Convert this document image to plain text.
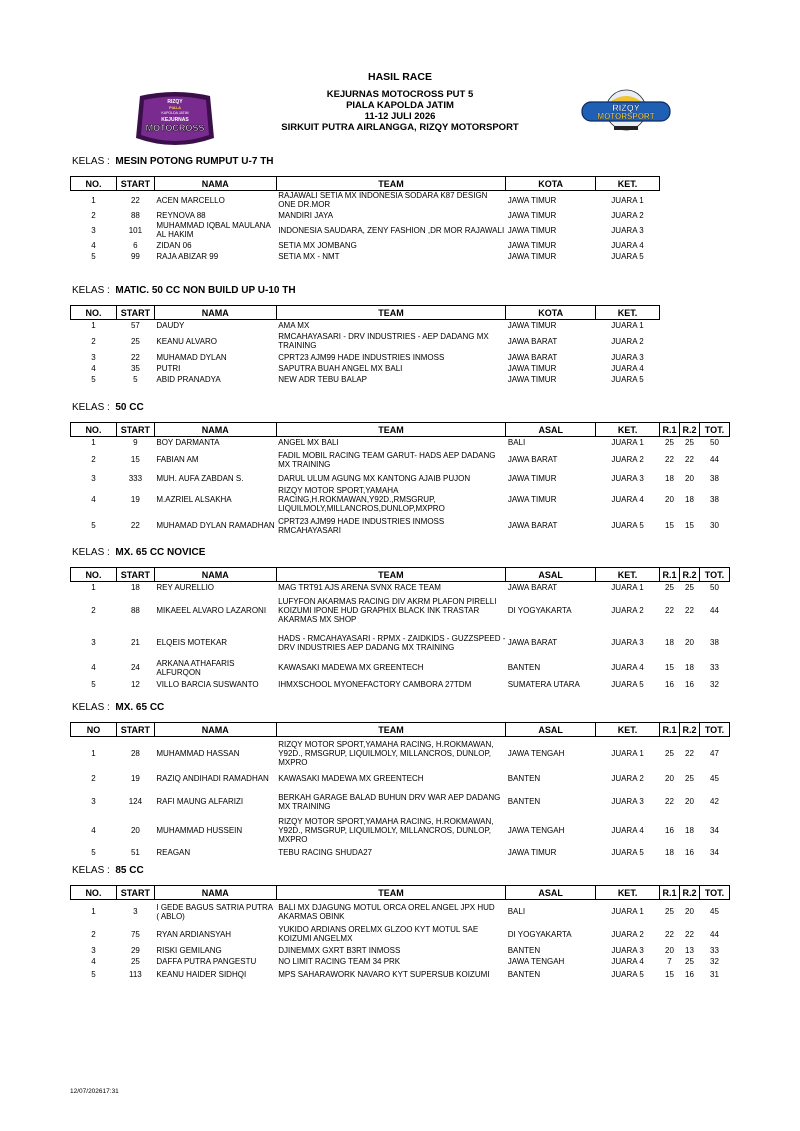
HASIL RACE
KEJURNAS MOTOCROSS PUT 5
PIALA KAPOLDA JATIM
11-12 JULI 2026
SIRKUIT PUTRA AIRLANGGA, RIZQY MOTORSPORT
RIZQY
PIALA
KAPOLDA JATIM
KEJURNAS
MOTOCROSS
RIZQY
MOTORSPORT
KELAS : MESIN POTONG RUMPUT U-7 TH
NO.	START	NAMA	TEAM	KOTA	KET.
1	22	ACEN MARCELLO	RAJAWALI SETIA MX INDONESIA SODARA K87 DESIGN ONE DR.MOR	JAWA TIMUR	JUARA 1
2	88	REYNOVA 88	MANDIRI JAYA	JAWA TIMUR	JUARA 2
3	101	MUHAMMAD IQBAL MAULANA AL HAKIM	INDONESIA SAUDARA, ZENY FASHION ,DR MOR RAJAWALI	JAWA TIMUR	JUARA 3
4	6	ZIDAN 06	SETIA MX JOMBANG	JAWA TIMUR	JUARA 4
5	99	RAJA ABIZAR 99	SETIA MX - NMT	JAWA TIMUR	JUARA 5
KELAS : MATIC. 50 CC NON BUILD UP U-10 TH
NO.	START	NAMA	TEAM	KOTA	KET.
1	57	DAUDY	AMA MX	JAWA TIMUR	JUARA 1
2	25	KEANU ALVARO	RMCAHAYASARI - DRV INDUSTRIES - AEP DADANG MX TRAINING	JAWA BARAT	JUARA 2
3	22	MUHAMAD DYLAN	CPRT23 AJM99 HADE INDUSTRIES INMOSS	JAWA BARAT	JUARA 3
4	35	PUTRI	SAPUTRA BUAH ANGEL MX BALI	JAWA TIMUR	JUARA 4
5	5	ABID PRANADYA	NEW ADR TEBU BALAP	JAWA TIMUR	JUARA 5
KELAS : 50 CC
NO.	START	NAMA	TEAM	ASAL	KET.	R.1	R.2	TOT.
1	9	BOY DARMANTA	ANGEL MX BALI	BALI	JUARA 1	25	25	50
2	15	FABIAN AM	FADIL MOBIL RACING TEAM GARUT- HADS AEP DADANG MX TRAINING	JAWA BARAT	JUARA 2	22	22	44
3	333	MUH. AUFA ZABDAN S.	DARUL ULUM AGUNG MX KANTONG AJAIB PUJON	JAWA TIMUR	JUARA 3	18	20	38
4	19	M.AZRIEL ALSAKHA	RIZQY MOTOR SPORT,YAMAHA RACING,H.ROKMAWAN,Y92D.,RMSGRUP, LIQUILMOLY,MILLANCROS,DUNLOP,MXPRO	JAWA TIMUR	JUARA 4	20	18	38
5	22	MUHAMAD DYLAN RAMADHAN	CPRT23 AJM99 HADE INDUSTRIES INMOSS RMCAHAYASARI	JAWA BARAT	JUARA 5	15	15	30
KELAS : MX. 65 CC NOVICE
NO.	START	NAMA	TEAM	ASAL	KET.	R.1	R.2	TOT.
1	18	REY AURELLIO	MAG TRT91 AJS ARENA SVNX RACE TEAM	JAWA BARAT	JUARA 1	25	25	50
2	88	MIKAEEL ALVARO LAZARONI	LUFYFON AKARMAS RACING DIV AKRM PLAFON PIRELLI KOIZUMI IPONE HUD GRAPHIX BLACK INK TRASTAR AKARMAS MX SHOP	DI YOGYAKARTA	JUARA 2	22	22	44
3	21	ELQEIS MOTEKAR	HADS - RMCAHAYASARI - RPMX - ZAIDKIDS - GUZZSPEED - DRV INDUSTRIES AEP DADANG MX TRAINING	JAWA BARAT	JUARA 3	18	20	38
4	24	ARKANA ATHAFARIS ALFURQON	KAWASAKI MADEWA MX GREENTECH	BANTEN	JUARA 4	15	18	33
5	12	VILLO BARCIA SUSWANTO	IHMXSCHOOL MYONEFACTORY CAMBORA 27TDM	SUMATERA UTARA	JUARA 5	16	16	32
KELAS : MX. 65 CC
NO	START	NAMA	TEAM	ASAL	KET.	R.1	R.2	TOT.
1	28	MUHAMMAD HASSAN	RIZQY MOTOR SPORT,YAMAHA RACING, H.ROKMAWAN, Y92D., RMSGRUP, LIQUILMOLY, MILLANCROS, DUNLOP, MXPRO	JAWA TENGAH	JUARA 1	25	22	47
2	19	RAZIQ ANDIHADI RAMADHAN	KAWASAKI MADEWA MX GREENTECH	BANTEN	JUARA 2	20	25	45
3	124	RAFI MAUNG ALFARIZI	BERKAH GARAGE BALAD BUHUN DRV WAR AEP DADANG MX TRAINING	BANTEN	JUARA 3	22	20	42
4	20	MUHAMMAD HUSSEIN	RIZQY MOTOR SPORT,YAMAHA RACING, H.ROKMAWAN, Y92D., RMSGRUP, LIQUILMOLY, MILLANCROS, DUNLOP, MXPRO	JAWA TENGAH	JUARA 4	16	18	34
5	51	REAGAN	TEBU RACING SHUDA27	JAWA TIMUR	JUARA 5	18	16	34
KELAS : 85 CC
NO.	START	NAMA	TEAM	ASAL	KET.	R.1	R.2	TOT.
1	3	I GEDE BAGUS SATRIA PUTRA ( ABLO)	BALI MX DJAGUNG MOTUL ORCA OREL ANGEL JPX HUD AKARMAS OBINK	BALI	JUARA 1	25	20	45
2	75	RYAN ARDIANSYAH	YUKIDO ARDIANS ORELMX GLZOO KYT MOTUL SAE KOIZUMI ANGELMX	DI YOGYAKARTA	JUARA 2	22	22	44
3	29	RISKI GEMILANG	DJINEMMX GXRT B3RT INMOSS	BANTEN	JUARA 3	20	13	33
4	25	DAFFA PUTRA PANGESTU	NO LIMIT RACING TEAM 34 PRK	JAWA TENGAH	JUARA 4	7	25	32
5	113	KEANU HAIDER SIDHQI	MPS SAHARAWORK NAVARO KYT SUPERSUB KOIZUMI	BANTEN	JUARA 5	15	16	31
12/07/202617:31
